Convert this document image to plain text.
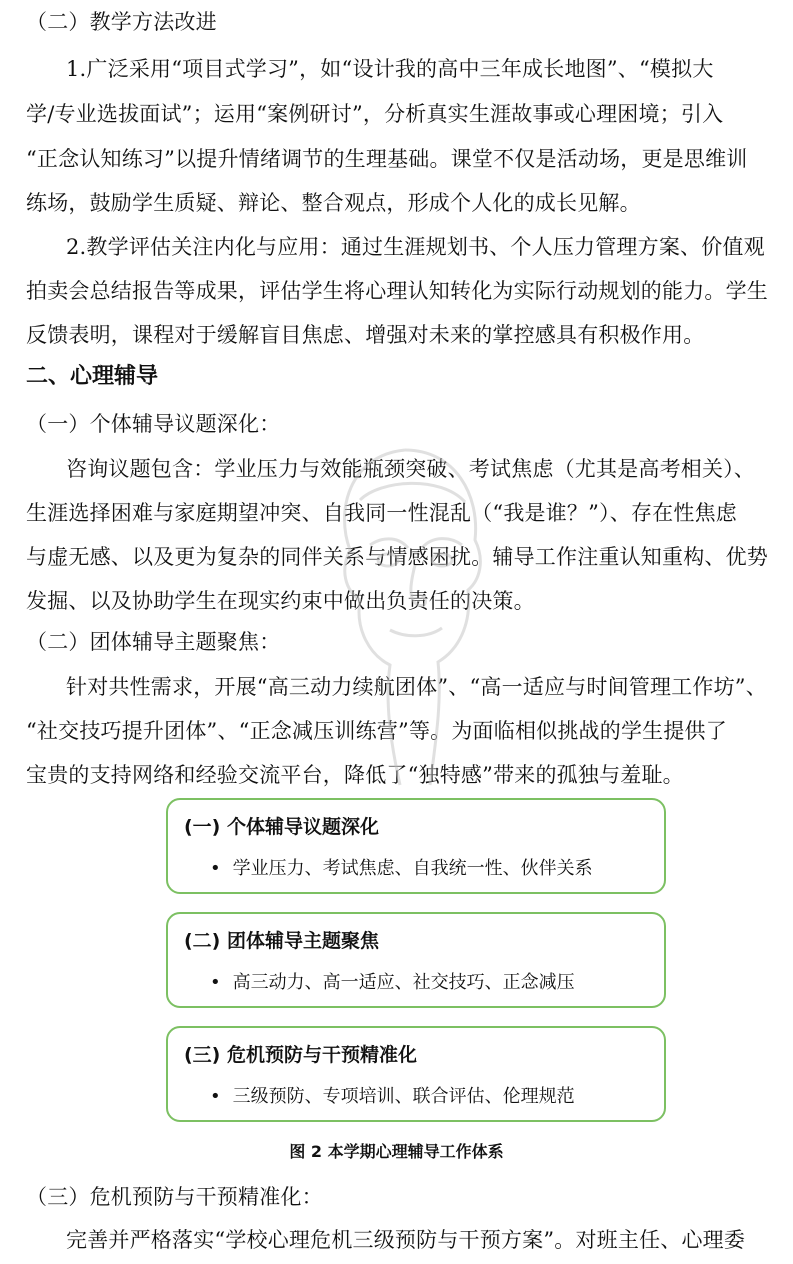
（二）教学方法改进
1.广泛采用“项目式学习”，如“设计我的高中三年成长地图”、“模拟大
学/专业选拔面试”；运用“案例研讨”，分析真实生涯故事或心理困境；引入
“正念认知练习”以提升情绪调节的生理基础。课堂不仅是活动场，更是思维训
练场，鼓励学生质疑、辩论、整合观点，形成个人化的成长见解。
2.教学评估关注内化与应用：通过生涯规划书、个人压力管理方案、价值观
拍卖会总结报告等成果，评估学生将心理认知转化为实际行动规划的能力。学生
反馈表明，课程对于缓解盲目焦虑、增强对未来的掌控感具有积极作用。
二、心理辅导
（一）个体辅导议题深化：
咨询议题包含：学业压力与效能瓶颈突破、考试焦虑（尤其是高考相关）、
生涯选择困难与家庭期望冲突、自我同一性混乱（“我是谁？”）、存在性焦虑
与虚无感、以及更为复杂的同伴关系与情感困扰。辅导工作注重认知重构、优势
发掘、以及协助学生在现实约束中做出负责任的决策。
（二）团体辅导主题聚焦：
针对共性需求，开展“高三动力续航团体”、“高一适应与时间管理工作坊”、
“社交技巧提升团体”、“正念减压训练营”等。为面临相似挑战的学生提供了
宝贵的支持网络和经验交流平台，降低了“独特感”带来的孤独与羞耻。
(一) 个体辅导议题深化
• 学业压力、考试焦虑、自我统一性、伙伴关系
(二) 团体辅导主题聚焦
• 高三动力、高一适应、社交技巧、正念减压
(三) 危机预防与干预精准化
• 三级预防、专项培训、联合评估、伦理规范
图 2 本学期心理辅导工作体系
（三）危机预防与干预精准化：
完善并严格落实“学校心理危机三级预防与干预方案”。对班主任、心理委
